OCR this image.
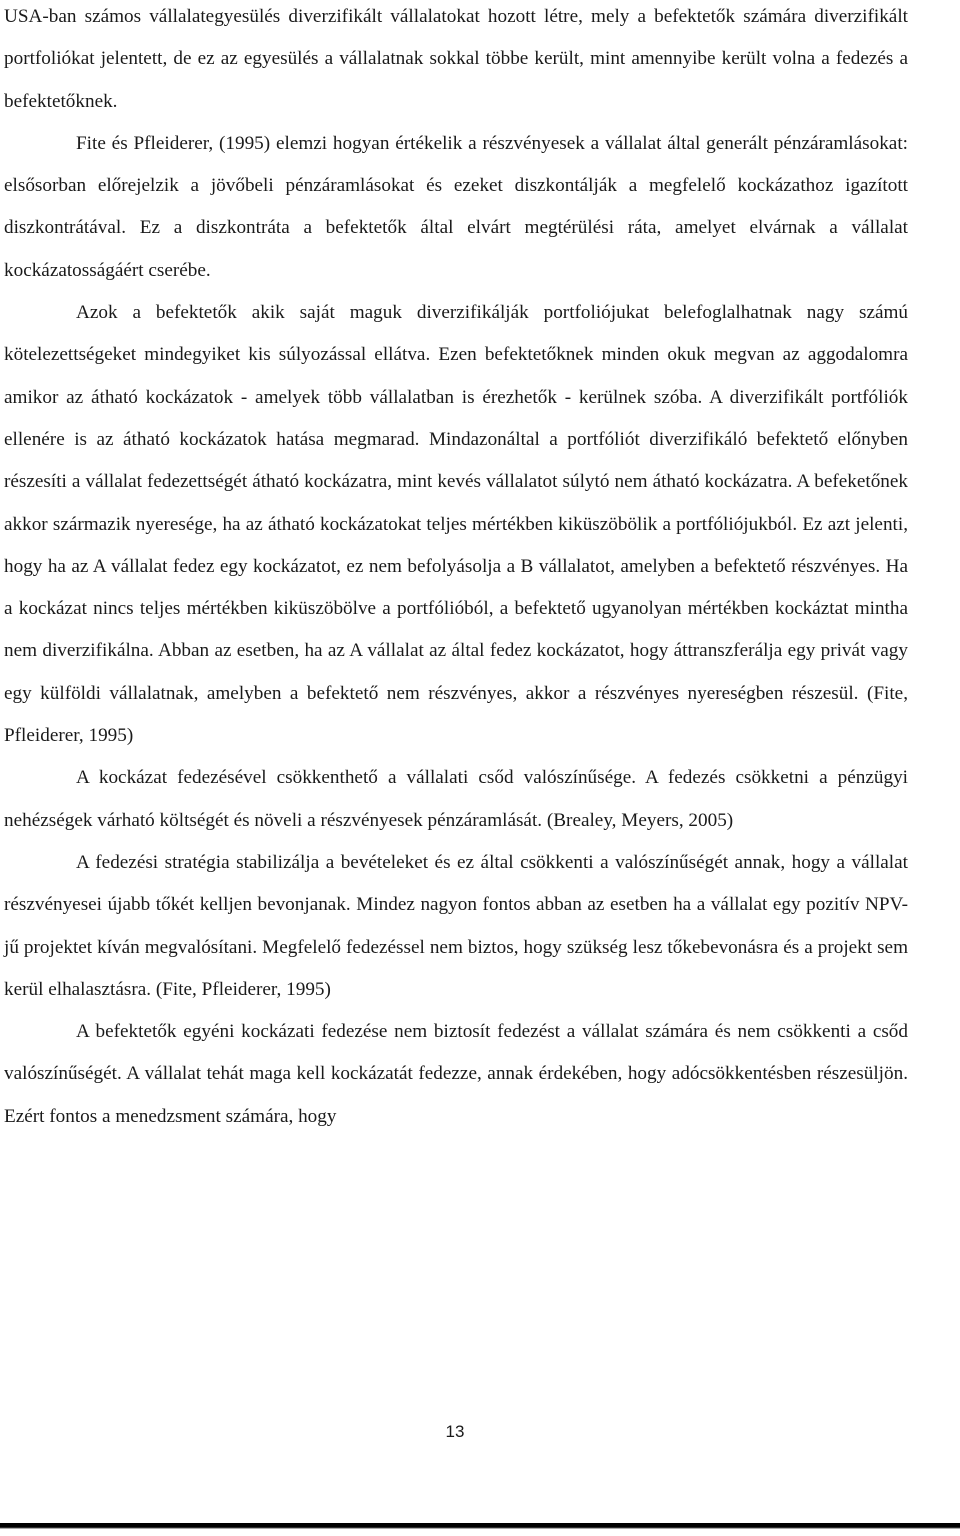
USA-ban számos vállalategyesülés diverzifikált vállalatokat hozott létre, mely a befektetők számára diverzifikált portfoliókat jelentett, de ez az egyesülés a vállalatnak sokkal többe került, mint amennyibe került volna a fedezés a befektetőknek.

Fite és Pfleiderer, (1995) elemzi hogyan értékelik a részvényesek a vállalat által generált pénzáramlásokat: elsősorban előrejelzik a jövőbeli pénzáramlásokat és ezeket diszkontálják a megfelelő kockázathoz igazított diszkontrátával. Ez a diszkontráta a befektetők által elvárt megtérülési ráta, amelyet elvárnak a vállalat kockázatosságáért cserébe.

Azok a befektetők akik saját maguk diverzifikálják portfoliójukat belefoglalhatnak nagy számú kötelezettségeket mindegyiket kis súlyozással ellátva. Ezen befektetőknek minden okuk megvan az aggodalomra amikor az átható kockázatok - amelyek több vállalatban is érezhetők - kerülnek szóba. A diverzifikált portfóliók ellenére is az átható kockázatok hatása megmarad. Mindazonáltal a portfóliót diverzifikáló befektető előnyben részesíti a vállalat fedezettségét átható kockázatra, mint kevés vállalatot súlytó nem átható kockázatra. A befeketőnek akkor származik nyeresége, ha az átható kockázatokat teljes mértékben kiküszöbölik a portfóliójukból. Ez azt jelenti, hogy ha az A vállalat fedez egy kockázatot, ez nem befolyásolja a B vállalatot, amelyben a befektető részvényes. Ha a kockázat nincs teljes mértékben kiküszöbölve a portfólióból, a befektető ugyanolyan mértékben kockáztat mintha nem diverzifikálna. Abban az esetben, ha az A vállalat az által fedez kockázatot, hogy áttranszferálja egy privát vagy egy külföldi vállalatnak, amelyben a befektető nem részvényes, akkor a részvényes nyereségben részesül. (Fite, Pfleiderer, 1995)

A kockázat fedezésével csökkenthető a vállalati csőd valószínűsége. A fedezés csökketni a pénzügyi nehézségek várható költségét és növeli a részvényesek pénzáramlását. (Brealey, Meyers, 2005)

A fedezési stratégia stabilizálja a bevételeket és ez által csökkenti a valószínűségét annak, hogy a vállalat részvényesei újabb tőkét kelljen bevonjanak. Mindez nagyon fontos abban az esetben ha a vállalat egy pozitív NPV-jű projektet kíván megvalósítani. Megfelelő fedezéssel nem biztos, hogy szükség lesz tőkebevonásra és a projekt sem kerül elhalasztásra. (Fite, Pfleiderer, 1995)

A befektetők egyéni kockázati fedezése nem biztosít fedezést a vállalat számára és nem csökkenti a csőd valószínűségét. A vállalat tehát maga kell kockázatát fedezze, annak érdekében, hogy adócsökkentésben részesüljön. Ezért fontos a menedzsment számára, hogy

13
